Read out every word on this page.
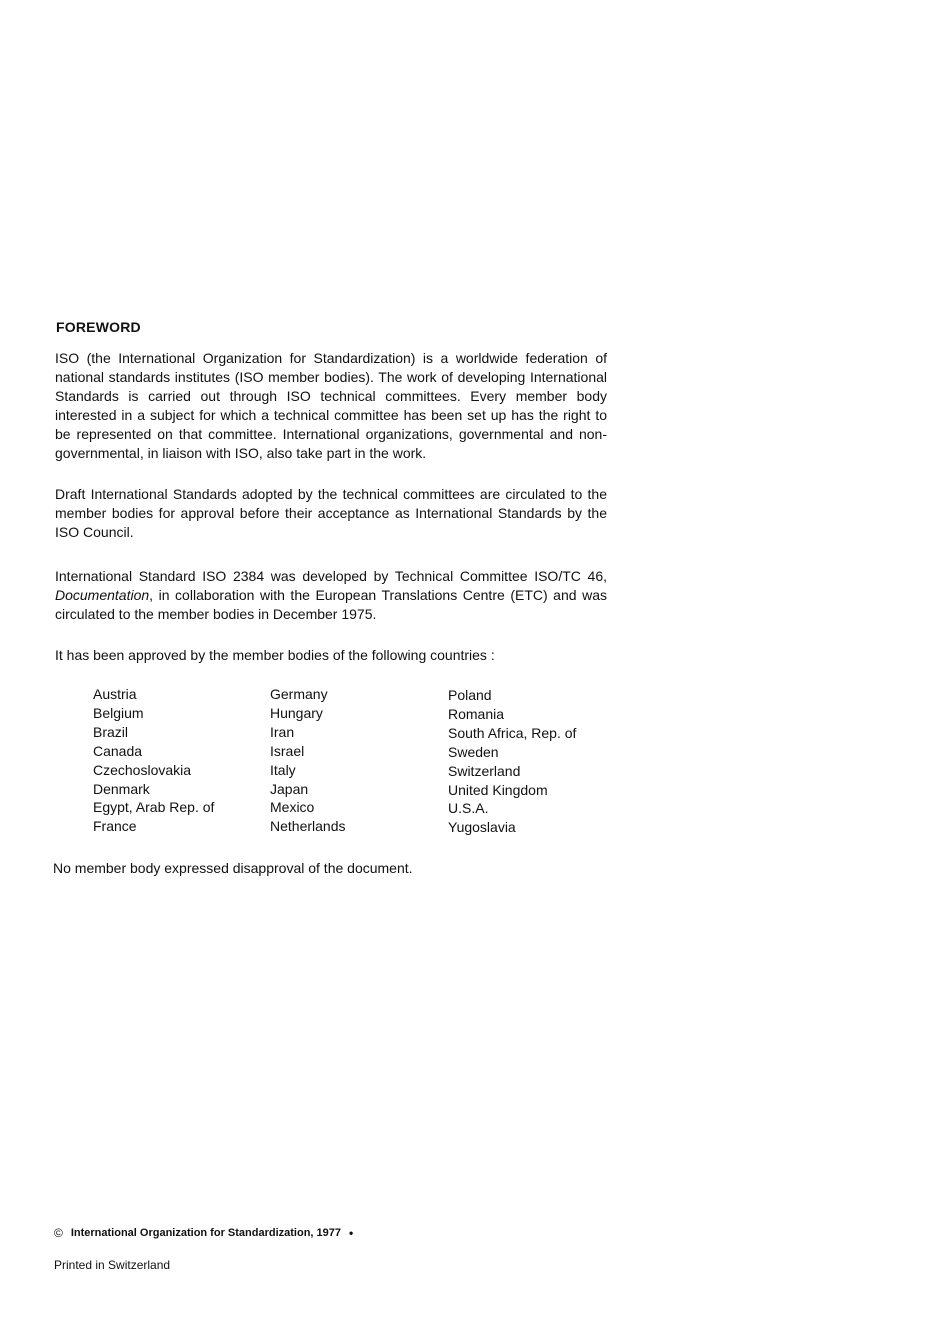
FOREWORD

ISO (the International Organization for Standardization) is a worldwide federation of national standards institutes (ISO member bodies). The work of developing International Standards is carried out through ISO technical committees. Every member body interested in a subject for which a technical committee has been set up has the right to be represented on that committee. International organizations, governmental and non-governmental, in liaison with ISO, also take part in the work.

Draft International Standards adopted by the technical committees are circulated to the member bodies for approval before their acceptance as International Standards by the ISO Council.

International Standard ISO 2384 was developed by Technical Committee ISO/TC 46, Documentation, in collaboration with the European Translations Centre (ETC) and was circulated to the member bodies in December 1975.

It has been approved by the member bodies of the following countries :

Austria
Belgium
Brazil
Canada
Czechoslovakia
Denmark
Egypt, Arab Rep. of
France
Germany
Hungary
Iran
Israel
Italy
Japan
Mexico
Netherlands
Poland
Romania
South Africa, Rep. of
Sweden
Switzerland
United Kingdom
U.S.A.
Yugoslavia
No member body expressed disapproval of the document.
© International Organization for Standardization, 1977 •
Printed in Switzerland
